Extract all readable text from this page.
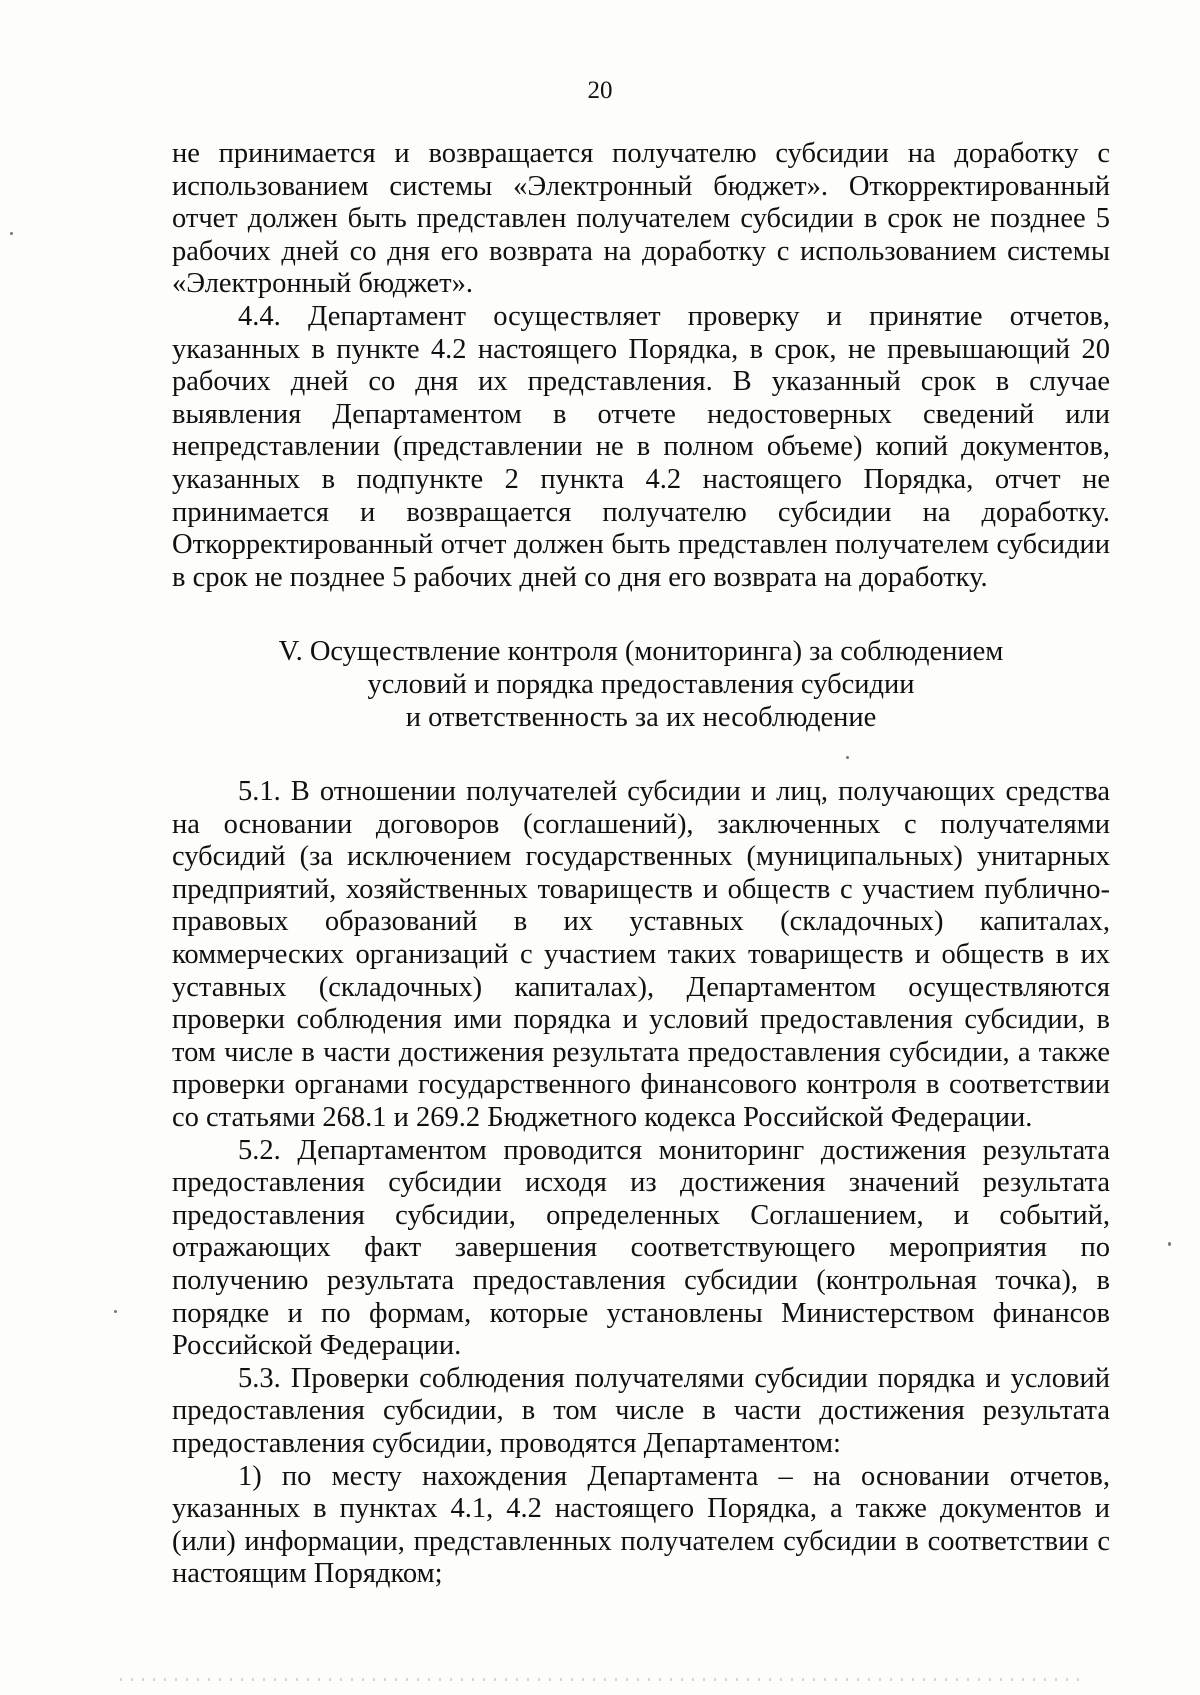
20

не принимается и возвращается получателю субсидии на доработку с использованием системы «Электронный бюджет». Откорректированный отчет должен быть представлен получателем субсидии в срок не позднее 5 рабочих дней со дня его возврата на доработку с использованием системы «Электронный бюджет».

4.4. Департамент осуществляет проверку и принятие отчетов, указанных в пункте 4.2 настоящего Порядка, в срок, не превышающий 20 рабочих дней со дня их представления. В указанный срок в случае выявления Департаментом в отчете недостоверных сведений или непредставлении (представлении не в полном объеме) копий документов, указанных в подпункте 2 пункта 4.2 настоящего Порядка, отчет не принимается и возвращается получателю субсидии на доработку. Откорректированный отчет должен быть представлен получателем субсидии в срок не позднее 5 рабочих дней со дня его возврата на доработку.

V. Осуществление контроля (мониторинга) за соблюдением
условий и порядка предоставления субсидии
и ответственность за их несоблюдение

5.1. В отношении получателей субсидии и лиц, получающих средства на основании договоров (соглашений), заключенных с получателями субсидий (за исключением государственных (муниципальных) унитарных предприятий, хозяйственных товариществ и обществ с участием публично-правовых образований в их уставных (складочных) капиталах, коммерческих организаций с участием таких товариществ и обществ в их уставных (складочных) капиталах), Департаментом осуществляются проверки соблюдения ими порядка и условий предоставления субсидии, в том числе в части достижения результата предоставления субсидии, а также проверки органами государственного финансового контроля в соответствии со статьями 268.1 и 269.2 Бюджетного кодекса Российской Федерации.

5.2. Департаментом проводится мониторинг достижения результата предоставления субсидии исходя из достижения значений результата предоставления субсидии, определенных Соглашением, и событий, отражающих факт завершения соответствующего мероприятия по получению результата предоставления субсидии (контрольная точка), в порядке и по формам, которые установлены Министерством финансов Российской Федерации.

5.3. Проверки соблюдения получателями субсидии порядка и условий предоставления субсидии, в том числе в части достижения результата предоставления субсидии, проводятся Департаментом:

1) по месту нахождения Департамента – на основании отчетов, указанных в пунктах 4.1, 4.2 настоящего Порядка, а также документов и (или) информации, представленных получателем субсидии в соответствии с настоящим Порядком;
